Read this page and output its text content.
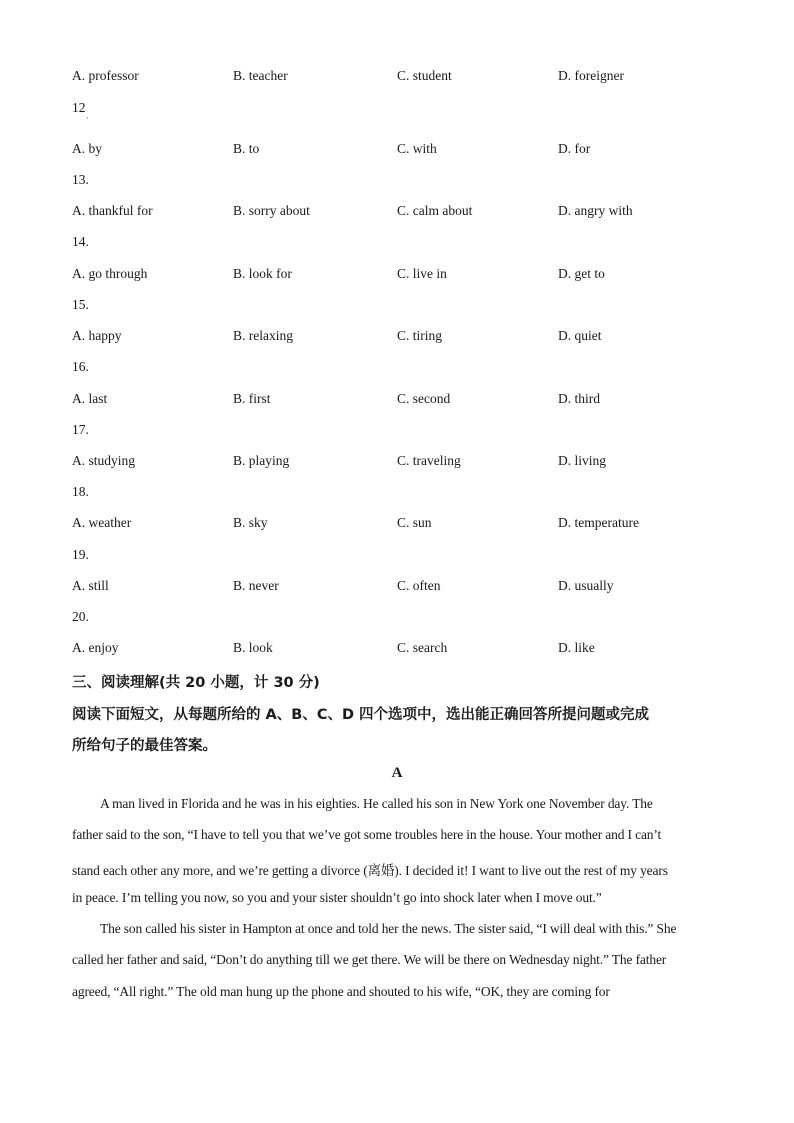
A. professor	B. teacher	C. student	D. foreigner
12
·
A. by	B. to	C. with	D. for
13.
A. thankful for	B. sorry about	C. calm about	D. angry with
14.
A. go through	B. look for	C. live in	D. get to
15.
A. happy	B. relaxing	C. tiring	D. quiet
16.
A. last	B. first	C. second	D. third
17.
A. studying	B. playing	C. traveling	D. living
18.
A. weather	B. sky	C. sun	D. temperature
19.
A. still	B. never	C. often	D. usually
20.
A. enjoy	B. look	C. search	D. like
三、阅读理解(共 20 小题，计 30 分)
阅读下面短文，从每题所给的 A、B、C、D 四个选项中，选出能正确回答所提问题或完成
所给句子的最佳答案。
A
A man lived in Florida and he was in his eighties. He called his son in New York one November day. The
father said to the son, “I have to tell you that we’ve got some troubles here in the house. Your mother and I can’t
stand each other any more, and we’re getting a divorce (离婚). I decided it! I want to live out the rest of my years
in peace. I’m telling you now, so you and your sister shouldn’t go into shock later when I move out.”
The son called his sister in Hampton at once and told her the news. The sister said, “I will deal with this.” She
called her father and said, “Don’t do anything till we get there. We will be there on Wednesday night.” The father
agreed, “All right.” The old man hung up the phone and shouted to his wife, “OK, they are coming for
